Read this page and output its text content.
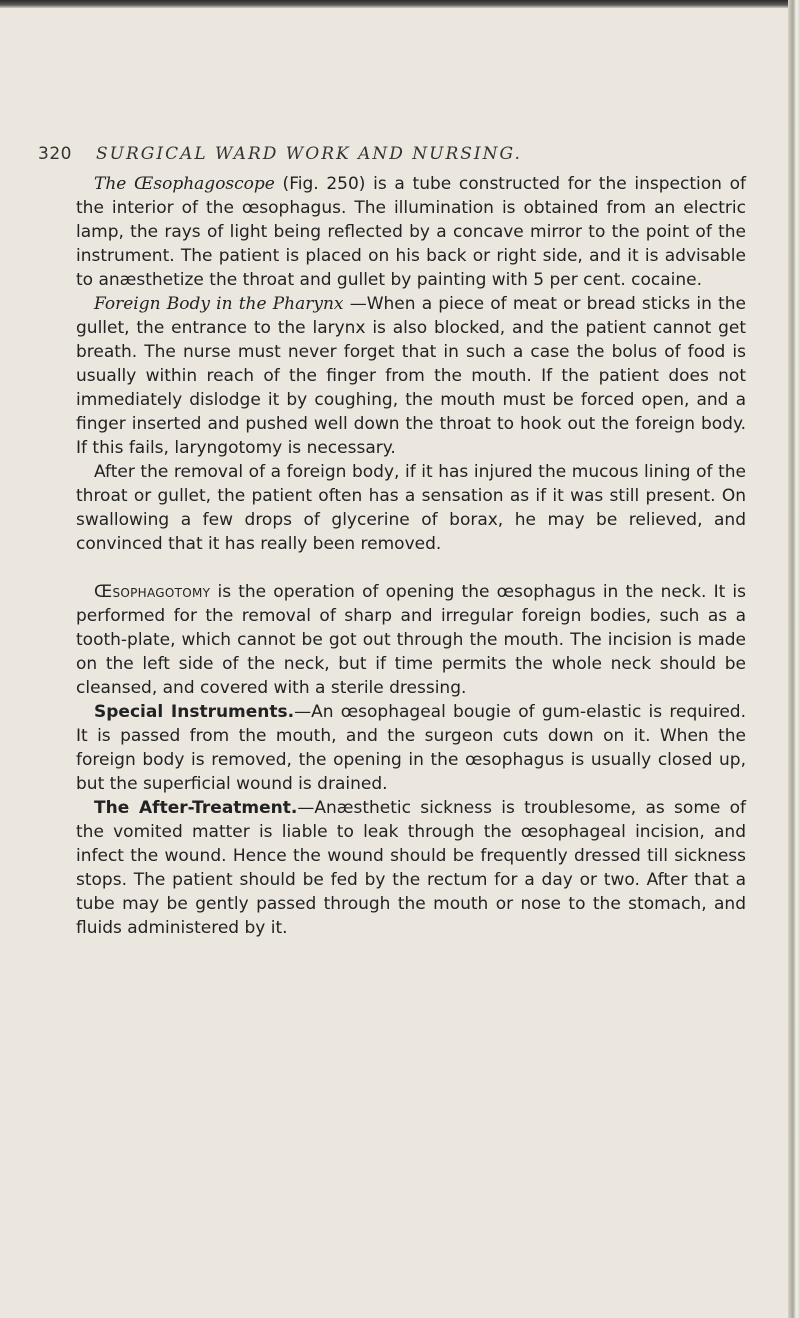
320	SURGICAL WARD WORK AND NURSING.

The Œsophagoscope (Fig. 250) is a tube constructed for the inspection of the interior of the œsophagus. The illumination is obtained from an electric lamp, the rays of light being reflected by a concave mirror to the point of the instrument. The patient is placed on his back or right side, and it is advisable to anæsthetize the throat and gullet by painting with 5 per cent. cocaine.

Foreign Body in the Pharynx —When a piece of meat or bread sticks in the gullet, the entrance to the larynx is also blocked, and the patient cannot get breath. The nurse must never forget that in such a case the bolus of food is usually within reach of the finger from the mouth. If the patient does not immediately dislodge it by coughing, the mouth must be forced open, and a finger inserted and pushed well down the throat to hook out the foreign body. If this fails, laryngotomy is necessary.

After the removal of a foreign body, if it has injured the mucous lining of the throat or gullet, the patient often has a sensation as if it was still present. On swallowing a few drops of glycerine of borax, he may be relieved, and convinced that it has really been removed.

Œsophagotomy is the operation of opening the œsophagus in the neck. It is performed for the removal of sharp and irregular foreign bodies, such as a tooth-plate, which cannot be got out through the mouth. The incision is made on the left side of the neck, but if time permits the whole neck should be cleansed, and covered with a sterile dressing.

Special Instruments.—An œsophageal bougie of gum-elastic is required. It is passed from the mouth, and the surgeon cuts down on it. When the foreign body is removed, the opening in the œsophagus is usually closed up, but the superficial wound is drained.

The After-Treatment.—Anæsthetic sickness is troublesome, as some of the vomited matter is liable to leak through the œsophageal incision, and infect the wound. Hence the wound should be frequently dressed till sickness stops. The patient should be fed by the rectum for a day or two. After that a tube may be gently passed through the mouth or nose to the stomach, and fluids administered by it.
